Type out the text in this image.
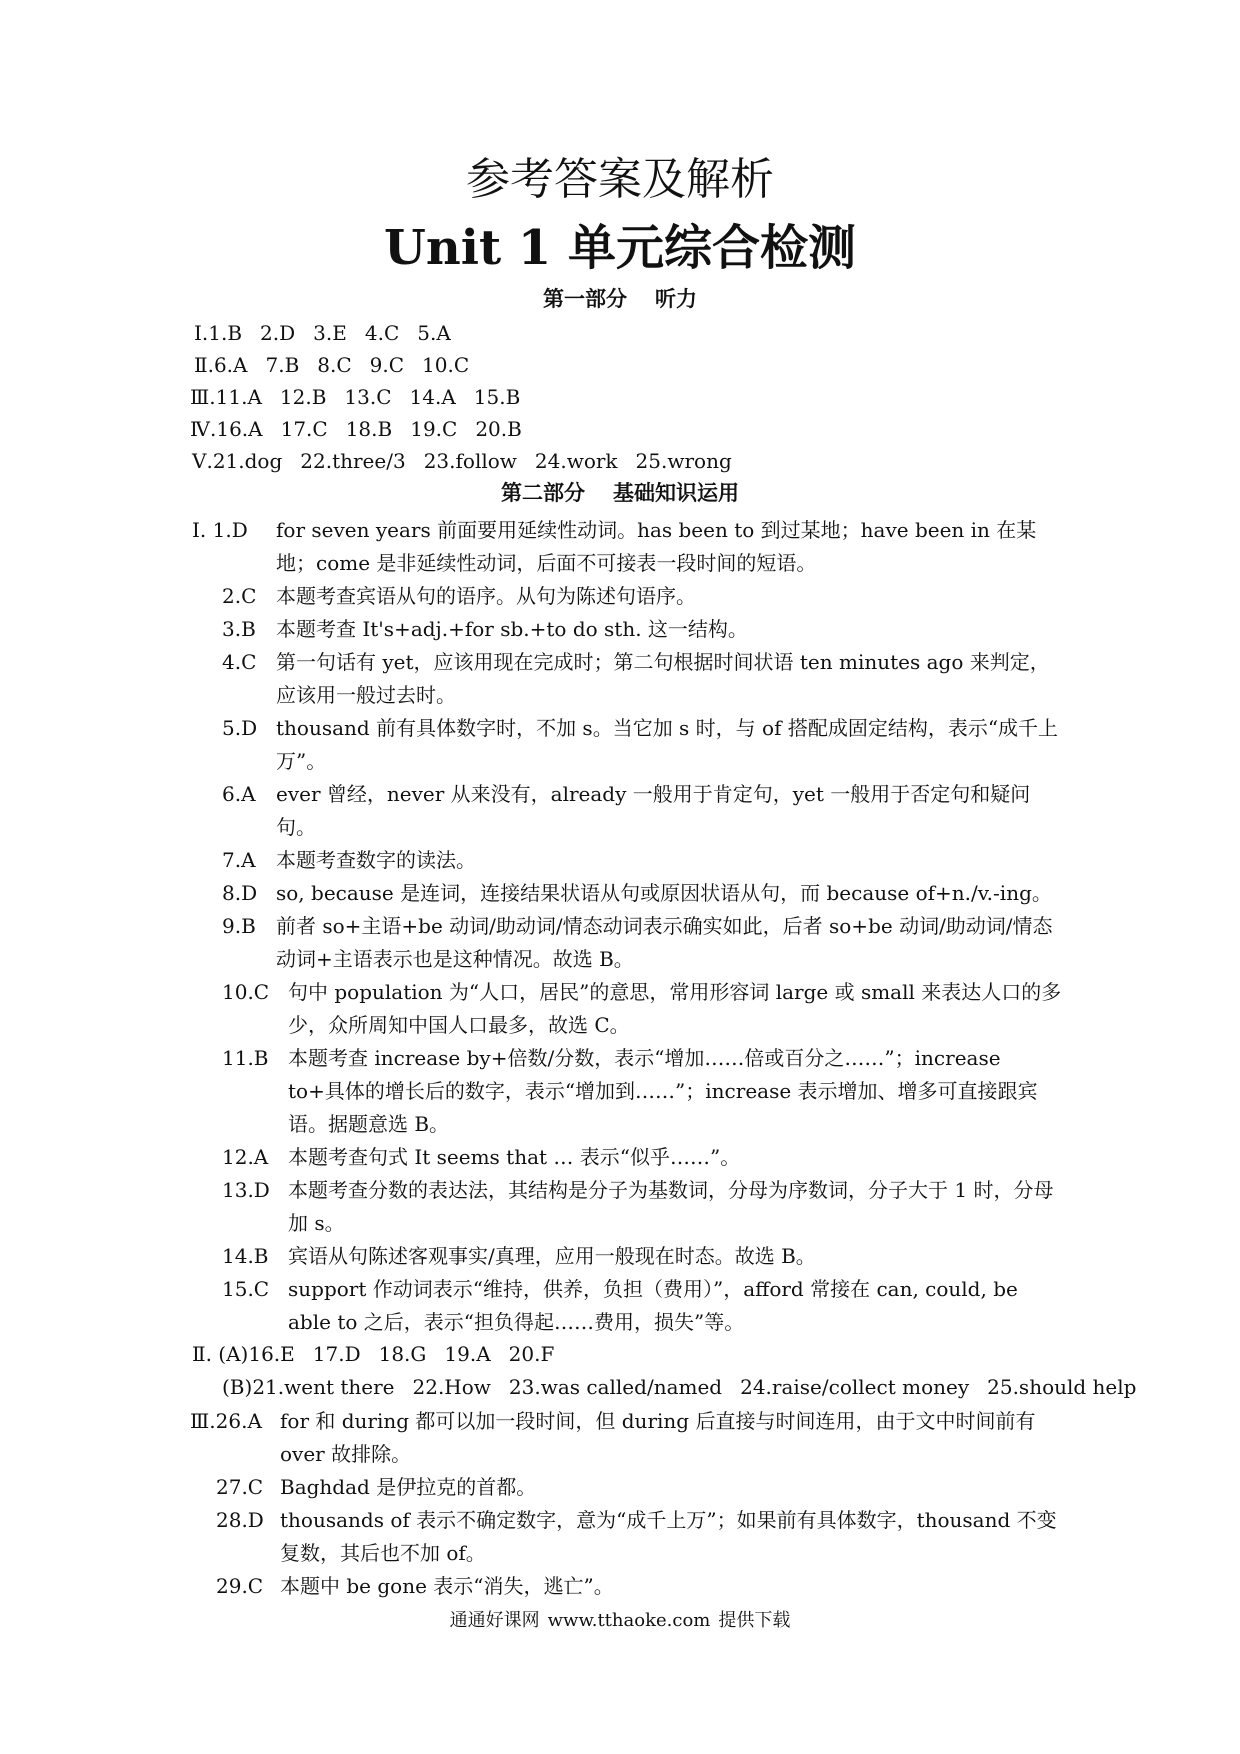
参考答案及解析
Unit 1 单元综合检测
第一部分 听力
Ⅰ.1.B 2.D 3.E 4.C 5.A
Ⅱ.6.A 7.B 8.C 9.C 10.C
Ⅲ.11.A 12.B 13.C 14.A 15.B
Ⅳ.16.A 17.C 18.B 19.C 20.B
Ⅴ.21.dog 22.three/3 23.follow 24.work 25.wrong
第二部分 基础知识运用
Ⅰ. 1.D for seven years 前面要用延续性动词。has been to 到过某地；have been in 在某地；come 是非延续性动词，后面不可接表一段时间的短语。
2.C 本题考查宾语从句的语序。从句为陈述句语序。
3.B 本题考查 It's+adj.+for sb.+to do sth. 这一结构。
4.C 第一句话有 yet，应该用现在完成时；第二句根据时间状语 ten minutes ago 来判定，应该用一般过去时。
5.D thousand 前有具体数字时，不加 s。当它加 s 时，与 of 搭配成固定结构，表示“成千上万”。
6.A ever 曾经，never 从来没有，already 一般用于肯定句，yet 一般用于否定句和疑问句。
7.A 本题考查数字的读法。
8.D so, because 是连词，连接结果状语从句或原因状语从句，而 because of+n./v.-ing。
9.B 前者 so+主语+be 动词/助动词/情态动词表示确实如此，后者 so+be 动词/助动词/情态动词+主语表示也是这种情况。故选 B。
10.C 句中 population 为“人口，居民”的意思，常用形容词 large 或 small 来表达人口的多少，众所周知中国人口最多，故选 C。
11.B 本题考查 increase by+倍数/分数，表示“增加……倍或百分之……”；increase to+具体的增长后的数字，表示“增加到……”；increase 表示增加、增多可直接跟宾语。据题意选 B。
12.A 本题考查句式 It seems that … 表示“似乎……”。
13.D 本题考查分数的表达法，其结构是分子为基数词，分母为序数词，分子大于 1 时，分母加 s。
14.B 宾语从句陈述客观事实/真理，应用一般现在时态。故选 B。
15.C support 作动词表示“维持，供养，负担（费用）”，afford 常接在 can, could, be able to 之后，表示“担负得起……费用，损失”等。
Ⅱ. (A)16.E 17.D 18.G 19.A 20.F
(B)21.went there 22.How 23.was called/named 24.raise/collect money 25.should help
Ⅲ.26.A for 和 during 都可以加一段时间，但 during 后直接与时间连用，由于文中时间前有 over 故排除。
27.C Baghdad 是伊拉克的首都。
28.D thousands of 表示不确定数字，意为“成千上万”；如果前有具体数字，thousand 不变复数，其后也不加 of。
29.C 本题中 be gone 表示“消失，逃亡”。
通通好课网 www.tthaoke.com 提供下载
